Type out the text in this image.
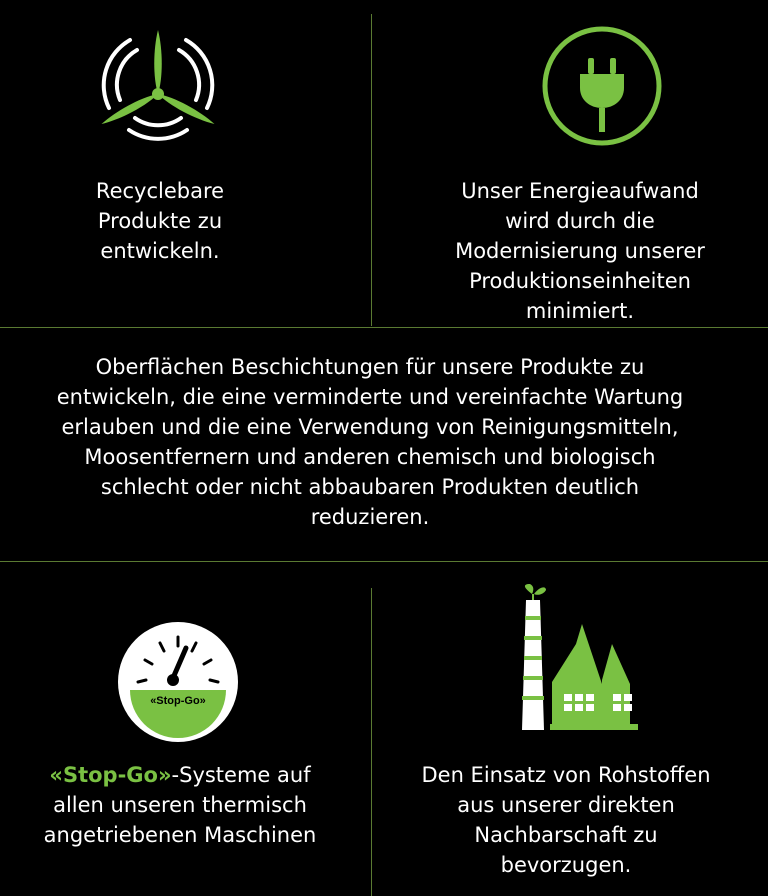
Recyclebare
Produkte zu
entwickeln.
Unser Energieaufwand
wird durch die
Modernisierung unserer
Produktionseinheiten
minimiert.
Oberflächen Beschichtungen für unsere Produkte zu
entwickeln, die eine verminderte und vereinfachte Wartung
erlauben und die eine Verwendung von Reinigungsmitteln,
Moosentfernern und anderen chemisch und biologisch
schlecht oder nicht abbaubaren Produkten deutlich
reduzieren.
«Stop-Go»
«Stop-Go»-Systeme auf
allen unseren thermisch
angetriebenen Maschinen
Den Einsatz von Rohstoffen
aus unserer direkten
Nachbarschaft zu
bevorzugen.
